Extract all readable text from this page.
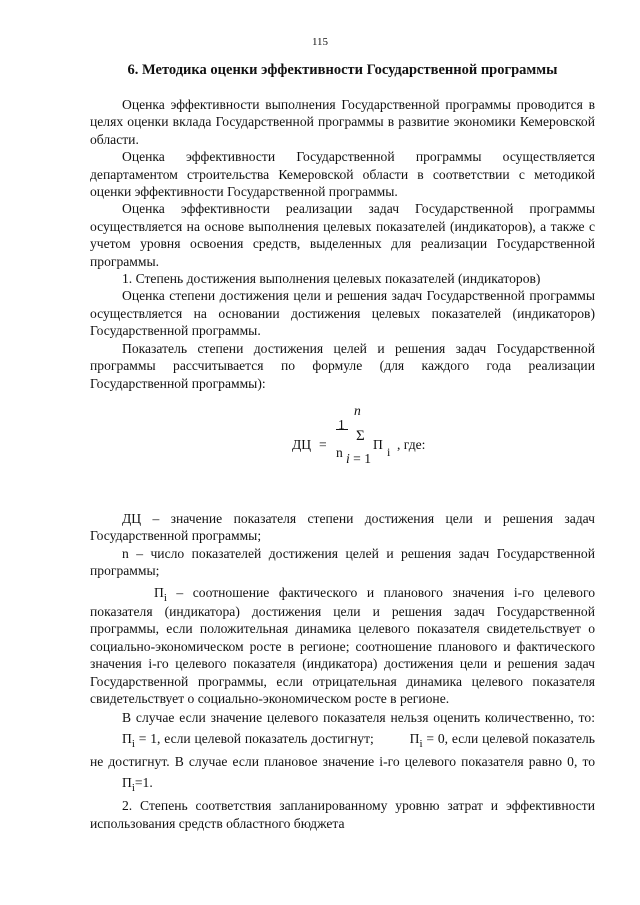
115
6. Методика оценки эффективности Государственной программы

Оценка эффективности выполнения Государственной программы проводится в целях оценки вклада Государственной программы в развитие экономики Кемеровской области.

Оценка эффективности Государственной программы осуществляется департаментом строительства Кемеровской области в соответствии с методикой оценки эффективности Государственной программы.

Оценка эффективности реализации задач Государственной программы осуществляется на основе выполнения целевых показателей (индикаторов), а также с учетом уровня освоения средств, выделенных для реализации Государственной программы.

1. Степень достижения выполнения целевых показателей (индикаторов)

Оценка степени достижения цели и решения задач Государственной программы осуществляется на основании достижения целевых показателей (индикаторов) Государственной программы.

Показатель степени достижения целей и решения задач Государственной программы рассчитывается по формуле (для каждого года реализации Государственной программы):

ДЦ =
1
n
n
Σ
i = 1
П i , где:

ДЦ – значение показателя степени достижения цели и решения задач Государственной программы;

n – число показателей достижения целей и решения задач Государственной программы;

$П_i$ – соотношение фактического и планового значения i-го целевого показателя (индикатора) достижения цели и решения задач Государственной программы, если положительная динамика целевого показателя свидетельствует о социально-экономическом росте в регионе; соотношение планового и фактического значения i-го целевого показателя (индикатора) достижения цели и решения задач Государственной программы, если отрицательная динамика целевого показателя свидетельствует о социально-экономическом росте в регионе.

В случае если значение целевого показателя нельзя оценить количественно, то: $П_i = 1$, если целевой показатель достигнут; $П_i = 0$, если целевой показатель не достигнут. В случае если плановое значение i-го целевого показателя равно 0, то $П_i=1$.

2. Степень соответствия запланированному уровню затрат и эффективности использования средств областного бюджета
